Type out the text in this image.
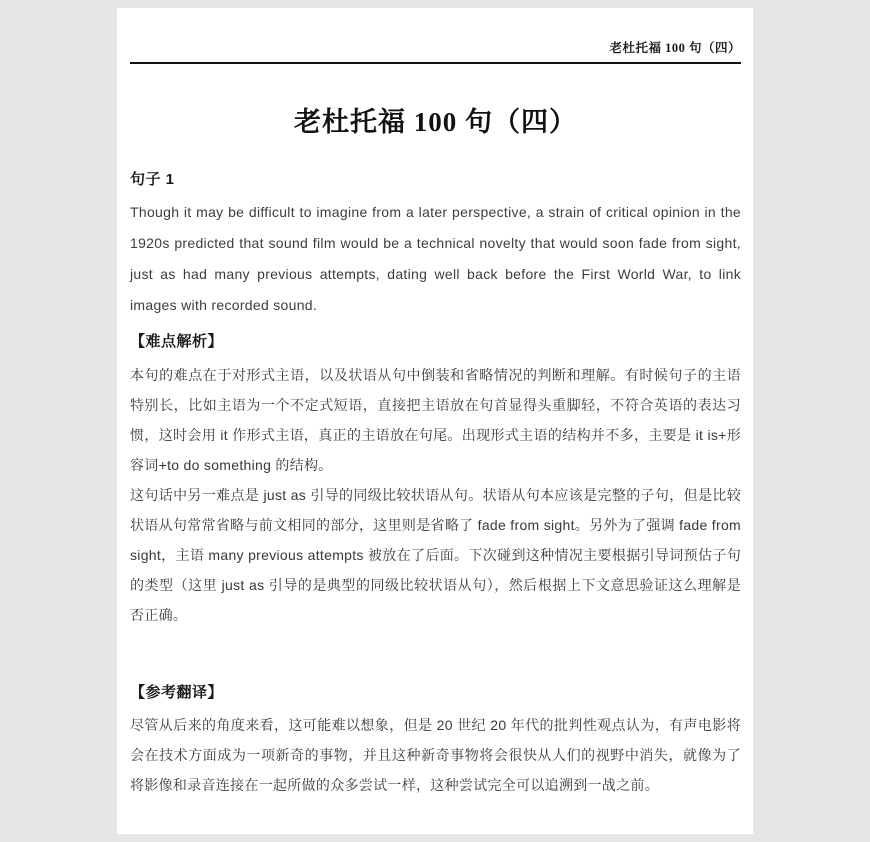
老杜托福 100 句（四）
老杜托福 100 句（四）
句子 1

Though it may be difficult to imagine from a later perspective, a strain of critical opinion in the 1920s predicted that sound film would be a technical novelty that would soon fade from sight, just as had many previous attempts, dating well back before the First World War, to link images with recorded sound.

【难点解析】

本句的难点在于对形式主语，以及状语从句中倒装和省略情况的判断和理解。有时候句子的主语特别长，比如主语为一个不定式短语，直接把主语放在句首显得头重脚轻，不符合英语的表达习惯，这时会用 it 作形式主语，真正的主语放在句尾。出现形式主语的结构并不多，主要是 it is+形容词+to do something 的结构。

这句话中另一难点是 just as 引导的同级比较状语从句。状语从句本应该是完整的子句，但是比较状语从句常常省略与前文相同的部分，这里则是省略了 fade from sight。另外为了强调 fade from sight，主语 many previous attempts 被放在了后面。下次碰到这种情况主要根据引导词预估子句的类型（这里 just as 引导的是典型的同级比较状语从句），然后根据上下文意思验证这么理解是否正确。

【参考翻译】

尽管从后来的角度来看，这可能难以想象，但是 20 世纪 20 年代的批判性观点认为，有声电影将会在技术方面成为一项新奇的事物，并且这种新奇事物将会很快从人们的视野中消失，就像为了将影像和录音连接在一起所做的众多尝试一样，这种尝试完全可以追溯到一战之前。
